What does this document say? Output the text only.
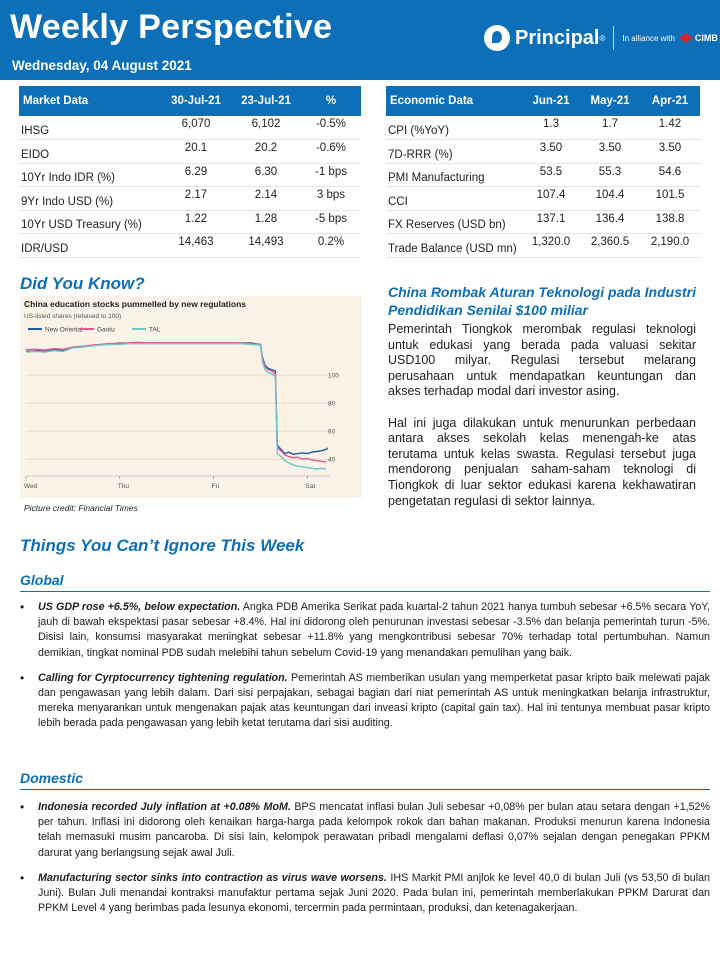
Weekly Perspective
Wednesday, 04 August 2021
Principal ® In alliance with CIMB
Market Data	30-Jul-21	23-Jul-21	%
IHSG	6,070	6,102	-0.5%
EIDO	20.1	20.2	-0.6%
10Yr Indo IDR (%)	6.29	6.30	-1 bps
9Yr Indo USD (%)	2.17	2.14	3 bps
10Yr USD Treasury (%)	1.22	1.28	-5 bps
IDR/USD	14,463	14,493	0.2%
Economic Data	Jun-21	May-21	Apr-21
CPI (%YoY)	1.3	1.7	1.42
7D-RRR (%)	3.50	3.50	3.50
PMI Manufacturing	53.5	55.3	54.6
CCI	107.4	104.4	101.5
FX Reserves (USD bn)	137.1	136.4	138.8
Trade Balance (USD mn)	1,320.0	2,360.5	2,190.0
Did You Know?
China education stocks pummelled by new regulations
US-listed shares (rebased to 100)
New Oriental Gaotu	TAL
40
60
80
100
Wed	Thu	Fri	Sat
Picture credit: Financial Times
China Rombak Aturan Teknologi pada Industri Pendidikan Senilai $100 miliar

Pemerintah Tiongkok merombak regulasi teknologi untuk edukasi yang berada pada valuasi sekitar USD100 milyar. Regulasi tersebut melarang perusahaan untuk mendapatkan keuntungan dan akses terhadap modal dari investor asing.

Hal ini juga dilakukan untuk menurunkan perbedaan antara akses sekolah kelas menengah-ke atas terutama untuk kelas swasta. Regulasi tersebut juga mendorong penjualan saham-saham teknologi di Tiongkok di luar sektor edukasi karena kekhawatiran pengetatan regulasi di sektor lainnya.

Things You Can’t Ignore This Week
Global
• US GDP rose +6.5%, below expectation. Angka PDB Amerika Serikat pada kuartal-2 tahun 2021 hanya tumbuh sebesar +6.5% secara YoY, jauh di bawah ekspektasi pasar sebesar +8.4%. Hal ini didorong oleh penurunan investasi sebesar -3.5% dan belanja pemerintah turun -5%. Disisi lain, konsumsi masyarakat meningkat sebesar +11.8% yang mengkontribusi sebesar 70% terhadap total pertumbuhan. Namun demikian, tingkat nominal PDB sudah melebihi tahun sebelum Covid-19 yang menandakan pemulihan yang baik.
• Calling for Cyrptocurrency tightening regulation. Pemerintah AS memberikan usulan yang memperketat pasar kripto baik melewati pajak dan pengawasan yang lebih dalam. Dari sisi perpajakan, sebagai bagian dari niat pemerintah AS untuk meningkatkan belanja infrastruktur, mereka menyarankan untuk mengenakan pajak atas keuntungan dari inveasi kripto (capital gain tax). Hal ini tentunya membuat pasar kripto lebih berada pada pengawasan yang lebih ketat terutama dari sisi auditing.
Domestic
• Indonesia recorded July inflation at +0.08% MoM. BPS mencatat inflasi bulan Juli sebesar +0,08% per bulan atau setara dengan +1,52% per tahun. Inflasi ini didorong oleh kenaikan harga-harga pada kelompok rokok dan bahan makanan. Produksi menurun karena Indonesia telah memasuki musim pancaroba. Di sisi lain, kelompok perawatan pribadi mengalami deflasi 0,07% sejalan dengan penegakan PPKM darurat yang berlangsung sejak awal Juli.
• Manufacturing sector sinks into contraction as virus wave worsens. IHS Markit PMI anjlok ke level 40,0 di bulan Juli (vs 53,50 di bulan Juni). Bulan Juli menandai kontraksi manufaktur pertama sejak Juni 2020. Pada bulan ini, pemerintah memberlakukan PPKM Darurat dan PPKM Level 4 yang berimbas pada lesunya ekonomi, tercermin pada permintaan, produksi, dan ketenagakerjaan.
